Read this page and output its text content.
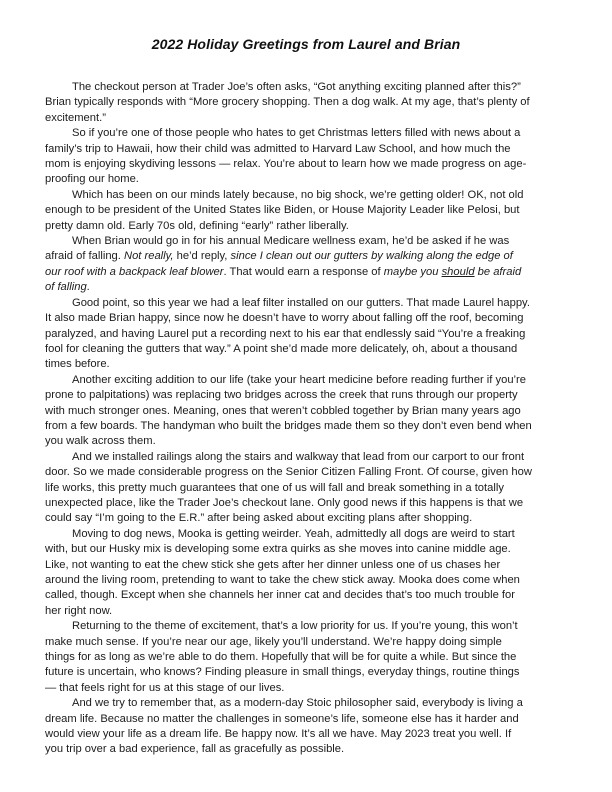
2022 Holiday Greetings from Laurel and Brian

The checkout person at Trader Joe’s often asks, “Got anything exciting planned after this?” Brian typically responds with “More grocery shopping. Then a dog walk. At my age, that’s plenty of excitement.”

So if you’re one of those people who hates to get Christmas letters filled with news about a family’s trip to Hawaii, how their child was admitted to Harvard Law School, and how much the mom is enjoying skydiving lessons — relax. You’re about to learn how we made progress on age-proofing our home.

Which has been on our minds lately because, no big shock, we’re getting older! OK, not old enough to be president of the United States like Biden, or House Majority Leader like Pelosi, but pretty damn old. Early 70s old, defining “early” rather liberally.

When Brian would go in for his annual Medicare wellness exam, he’d be asked if he was afraid of falling. Not really, he’d reply, since I clean out our gutters by walking along the edge of our roof with a backpack leaf blower. That would earn a response of maybe you should be afraid of falling.

Good point, so this year we had a leaf filter installed on our gutters. That made Laurel happy. It also made Brian happy, since now he doesn’t have to worry about falling off the roof, becoming paralyzed, and having Laurel put a recording next to his ear that endlessly said “You’re a freaking fool for cleaning the gutters that way.” A point she’d made more delicately, oh, about a thousand times before.

Another exciting addition to our life (take your heart medicine before reading further if you’re prone to palpitations) was replacing two bridges across the creek that runs through our property with much stronger ones. Meaning, ones that weren’t cobbled together by Brian many years ago from a few boards. The handyman who built the bridges made them so they don’t even bend when you walk across them.

And we installed railings along the stairs and walkway that lead from our carport to our front door. So we made considerable progress on the Senior Citizen Falling Front. Of course, given how life works, this pretty much guarantees that one of us will fall and break something in a totally unexpected place, like the Trader Joe’s checkout lane. Only good news if this happens is that we could say “I’m going to the E.R.” after being asked about exciting plans after shopping.

Moving to dog news, Mooka is getting weirder. Yeah, admittedly all dogs are weird to start with, but our Husky mix is developing some extra quirks as she moves into canine middle age. Like, not wanting to eat the chew stick she gets after her dinner unless one of us chases her around the living room, pretending to want to take the chew stick away. Mooka does come when called, though. Except when she channels her inner cat and decides that’s too much trouble for her right now.

Returning to the theme of excitement, that’s a low priority for us. If you’re young, this won’t make much sense. If you’re near our age, likely you’ll understand. We’re happy doing simple things for as long as we’re able to do them. Hopefully that will be for quite a while. But since the future is uncertain, who knows? Finding pleasure in small things, everyday things, routine things — that feels right for us at this stage of our lives.

And we try to remember that, as a modern-day Stoic philosopher said, everybody is living a dream life. Because no matter the challenges in someone’s life, someone else has it harder and would view your life as a dream life. Be happy now. It’s all we have. May 2023 treat you well. If you trip over a bad experience, fall as gracefully as possible.
